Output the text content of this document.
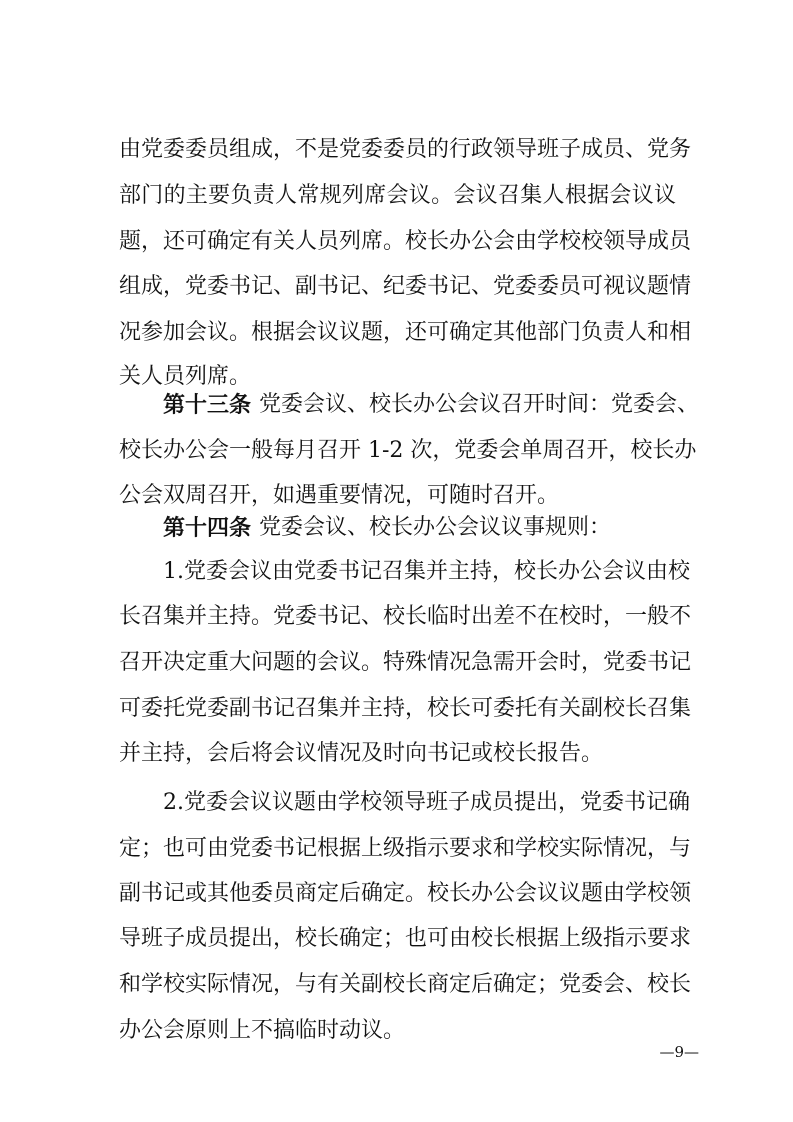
由党委委员组成，不是党委委员的行政领导班子成员、党务
部门的主要负责人常规列席会议。会议召集人根据会议议
题，还可确定有关人员列席。校长办公会由学校校领导成员
组成，党委书记、副书记、纪委书记、党委委员可视议题情
况参加会议。根据会议议题，还可确定其他部门负责人和相
关人员列席。
第十三条 党委会议、校长办公会议召开时间：党委会、
校长办公会一般每月召开 1-2 次，党委会单周召开，校长办
公会双周召开，如遇重要情况，可随时召开。
第十四条 党委会议、校长办公会议议事规则：
1.党委会议由党委书记召集并主持，校长办公会议由校
长召集并主持。党委书记、校长临时出差不在校时，一般不
召开决定重大问题的会议。特殊情况急需开会时，党委书记
可委托党委副书记召集并主持，校长可委托有关副校长召集
并主持，会后将会议情况及时向书记或校长报告。
2.党委会议议题由学校领导班子成员提出，党委书记确
定；也可由党委书记根据上级指示要求和学校实际情况，与
副书记或其他委员商定后确定。校长办公会议议题由学校领
导班子成员提出，校长确定；也可由校长根据上级指示要求
和学校实际情况，与有关副校长商定后确定；党委会、校长
办公会原则上不搞临时动议。
—9—
